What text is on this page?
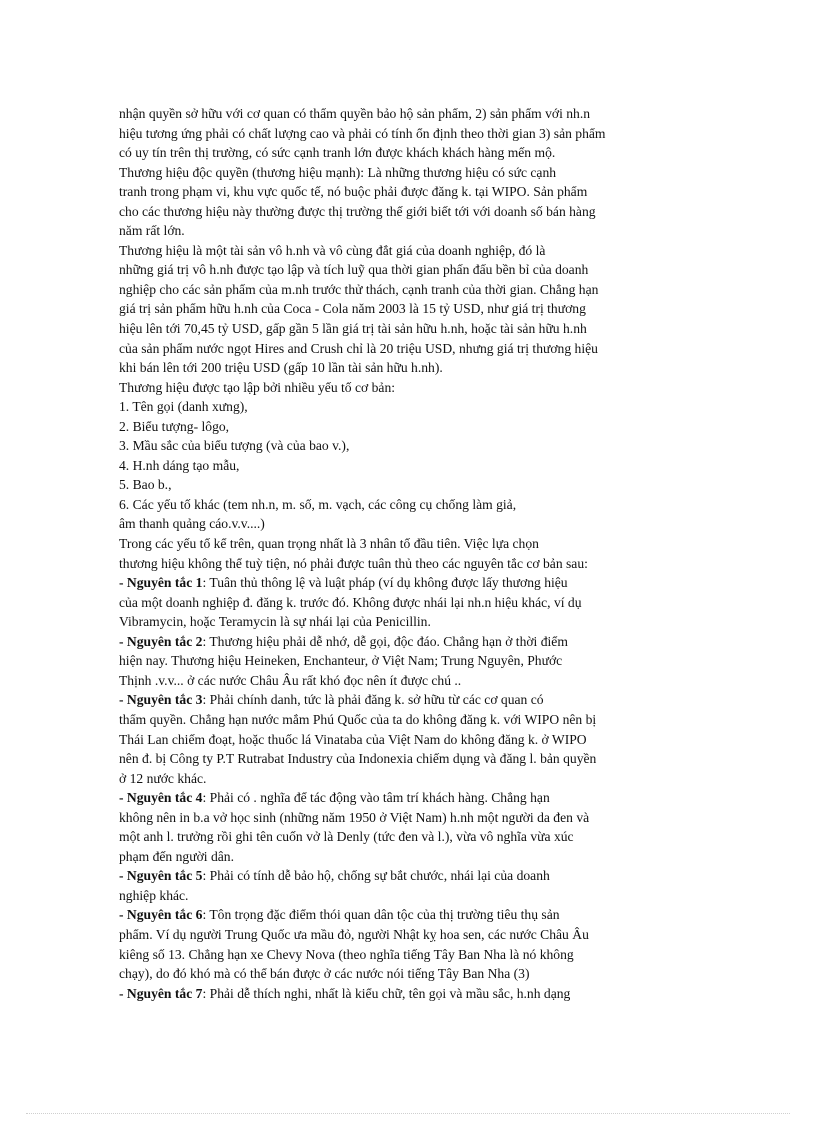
nhận quyền sở hữu với cơ quan có thẩm quyền bảo hộ sản phẩm, 2) sản phẩm với nh.n
hiệu tương ứng phải có chất lượng cao và phải có tính ổn định theo thời gian 3) sản phẩm
có uy tín trên thị trường, có sức cạnh tranh lớn được khách khách hàng mến mộ.
Thương hiệu độc quyền (thương hiệu mạnh): Là những thương hiệu có sức cạnh
tranh trong phạm vi, khu vực quốc tế, nó buộc phải được đăng k. tại WIPO. Sản phẩm
cho các thương hiệu này thường được thị trường thế giới biết tới với doanh số bán hàng
năm rất lớn.
Thương hiệu là một tài sản vô h.nh và vô cùng đắt giá của doanh nghiệp, đó là
những giá trị vô h.nh được tạo lập và tích luỹ qua thời gian phấn đấu bền bỉ của doanh
nghiệp cho các sản phẩm của m.nh trước thử thách, cạnh tranh của thời gian. Chẳng hạn
giá trị sản phẩm hữu h.nh của Coca - Cola năm 2003 là 15 tỷ USD, như giá trị thương
hiệu lên tới 70,45 tỷ USD, gấp gần 5 lần giá trị tài sản hữu h.nh, hoặc tài sản hữu h.nh
của sản phẩm nước ngọt Hires and Crush chỉ là 20 triệu USD, nhưng giá trị thương hiệu
khi bán lên tới 200 triệu USD (gấp 10 lần tài sản hữu h.nh).
Thương hiệu được tạo lập bởi nhiều yếu tố cơ bản:
1. Tên gọi (danh xưng),
2. Biểu tượng- lôgo,
3. Mầu sắc của biểu tượng (và của bao v.),
4. H.nh dáng tạo mẫu,
5. Bao b.,
6. Các yếu tố khác (tem nh.n, m. số, m. vạch, các công cụ chống làm giả,
âm thanh quảng cáo.v.v....)
Trong các yếu tố kể trên, quan trọng nhất là 3 nhân tố đầu tiên. Việc lựa chọn
thương hiệu không thể tuỳ tiện, nó phải được tuân thủ theo các nguyên tắc cơ bản sau:
- Nguyên tắc 1: Tuân thủ thông lệ và luật pháp (ví dụ không được lấy thương hiệu
của một doanh nghiệp đ. đăng k. trước đó. Không được nhái lại nh.n hiệu khác, ví dụ
Vibramycin, hoặc Teramycin là sự nhái lại của Penicillin.
- Nguyên tắc 2: Thương hiệu phải dễ nhớ, dễ gọi, độc đáo. Chẳng hạn ở thời điểm
hiện nay. Thương hiệu Heineken, Enchanteur, ở Việt Nam; Trung Nguyên, Phước
Thịnh .v.v... ở các nước Châu Âu rất khó đọc nên ít được chú ..
- Nguyên tắc 3: Phải chính danh, tức là phải đăng k. sở hữu từ các cơ quan có
thẩm quyền. Chẳng hạn nước mắm Phú Quốc của ta do không đăng k. với WIPO nên bị
Thái Lan chiếm đoạt, hoặc thuốc lá Vinataba của Việt Nam do không đăng k. ở WIPO
nên đ. bị Công ty P.T Rutrabat Industry của Indonexia chiếm dụng và đăng l. bản quyền
ở 12 nước khác.
- Nguyên tắc 4: Phải có . nghĩa để tác động vào tâm trí khách hàng. Chẳng hạn
không nên in b.a vở học sinh (những năm 1950 ở Việt Nam) h.nh một người da đen và
một anh l. trưởng rồi ghi tên cuốn vở là Denly (tức đen và l.), vừa vô nghĩa vừa xúc
phạm đến người dân.
- Nguyên tắc 5: Phải có tính dễ bảo hộ, chống sự bắt chước, nhái lại của doanh
nghiệp khác.
- Nguyên tắc 6: Tôn trọng đặc điểm thói quan dân tộc của thị trường tiêu thụ sản
phẩm. Ví dụ người Trung Quốc ưa mầu đỏ, người Nhật kỵ hoa sen, các nước Châu Âu
kiêng số 13. Chẳng hạn xe Chevy Nova (theo nghĩa tiếng Tây Ban Nha là nó không
chạy), do đó khó mà có thể bán được ở các nước nói tiếng Tây Ban Nha (3)
- Nguyên tắc 7: Phải dễ thích nghi, nhất là kiểu chữ, tên gọi và mầu sắc, h.nh dạng
